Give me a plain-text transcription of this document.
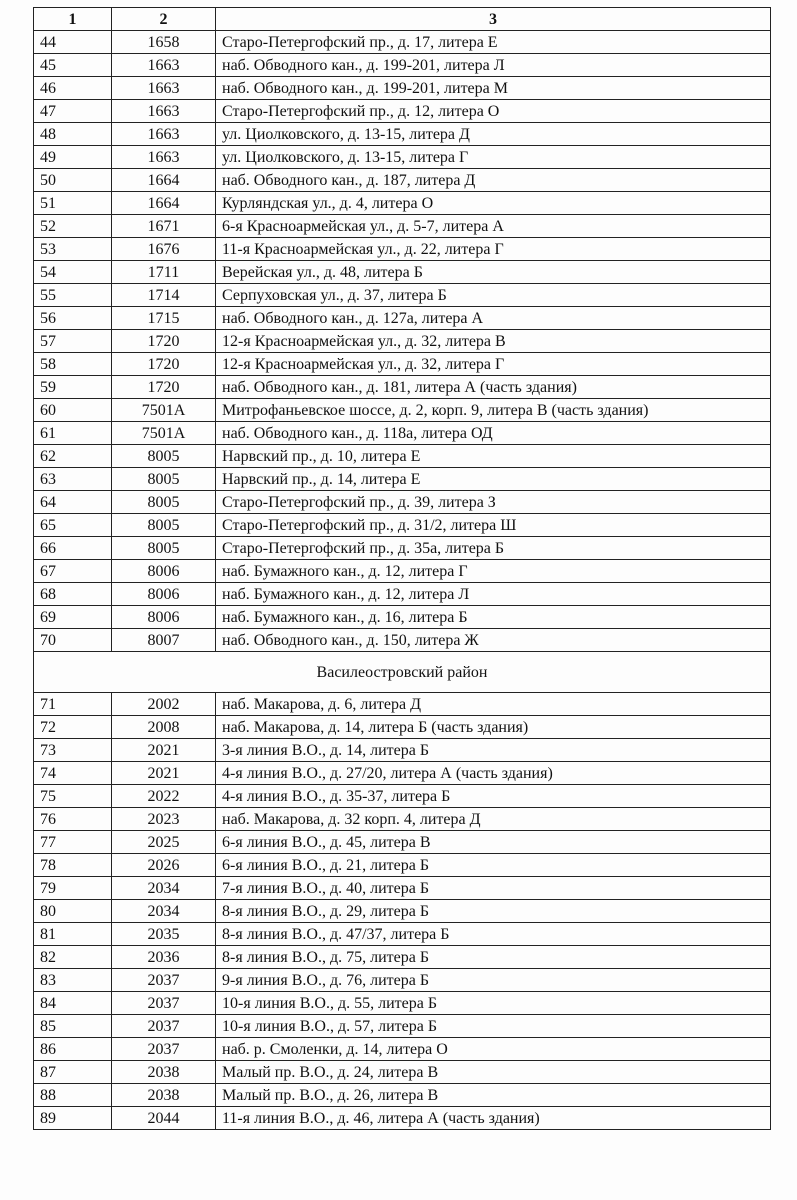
1	2	3
44	1658	Старо-Петергофский пр., д. 17, литера Е
45	1663	наб. Обводного кан., д. 199-201, литера Л
46	1663	наб. Обводного кан., д. 199-201, литера М
47	1663	Старо-Петергофский пр., д. 12, литера О
48	1663	ул. Циолковского, д. 13-15, литера Д
49	1663	ул. Циолковского, д. 13-15, литера Г
50	1664	наб. Обводного кан., д. 187, литера Д
51	1664	Курляндская ул., д. 4, литера О
52	1671	6-я Красноармейская ул., д. 5-7, литера А
53	1676	11-я Красноармейская ул., д. 22, литера Г
54	1711	Верейская ул., д. 48, литера Б
55	1714	Серпуховская ул., д. 37, литера Б
56	1715	наб. Обводного кан., д. 127а, литера А
57	1720	12-я Красноармейская ул., д. 32, литера В
58	1720	12-я Красноармейская ул., д. 32, литера Г
59	1720	наб. Обводного кан., д. 181, литера А (часть здания)
60	7501А	Митрофаньевское шоссе, д. 2, корп. 9, литера В (часть здания)
61	7501А	наб. Обводного кан., д. 118а, литера ОД
62	8005	Нарвский пр., д. 10, литера Е
63	8005	Нарвский пр., д. 14, литера Е
64	8005	Старо-Петергофский пр., д. 39, литера З
65	8005	Старо-Петергофский пр., д. 31/2, литера Ш
66	8005	Старо-Петергофский пр., д. 35а, литера Б
67	8006	наб. Бумажного кан., д. 12, литера Г
68	8006	наб. Бумажного кан., д. 12, литера Л
69	8006	наб. Бумажного кан., д. 16, литера Б
70	8007	наб. Обводного кан., д. 150, литера Ж
Василеостровский район		
71	2002	наб. Макарова, д. 6, литера Д
72	2008	наб. Макарова, д. 14, литера Б (часть здания)
73	2021	3-я линия В.О., д. 14, литера Б
74	2021	4-я линия В.О., д. 27/20, литера А (часть здания)
75	2022	4-я линия В.О., д. 35-37, литера Б
76	2023	наб. Макарова, д. 32 корп. 4, литера Д
77	2025	6-я линия В.О., д. 45, литера В
78	2026	6-я линия В.О., д. 21, литера Б
79	2034	7-я линия В.О., д. 40, литера Б
80	2034	8-я линия В.О., д. 29, литера Б
81	2035	8-я линия В.О., д. 47/37, литера Б
82	2036	8-я линия В.О., д. 75, литера Б
83	2037	9-я линия В.О., д. 76, литера Б
84	2037	10-я линия В.О., д. 55, литера Б
85	2037	10-я линия В.О., д. 57, литера Б
86	2037	наб. р. Смоленки, д. 14, литера О
87	2038	Малый пр. В.О., д. 24, литера В
88	2038	Малый пр. В.О., д. 26, литера В
89	2044	11-я линия В.О., д. 46, литера А (часть здания)
